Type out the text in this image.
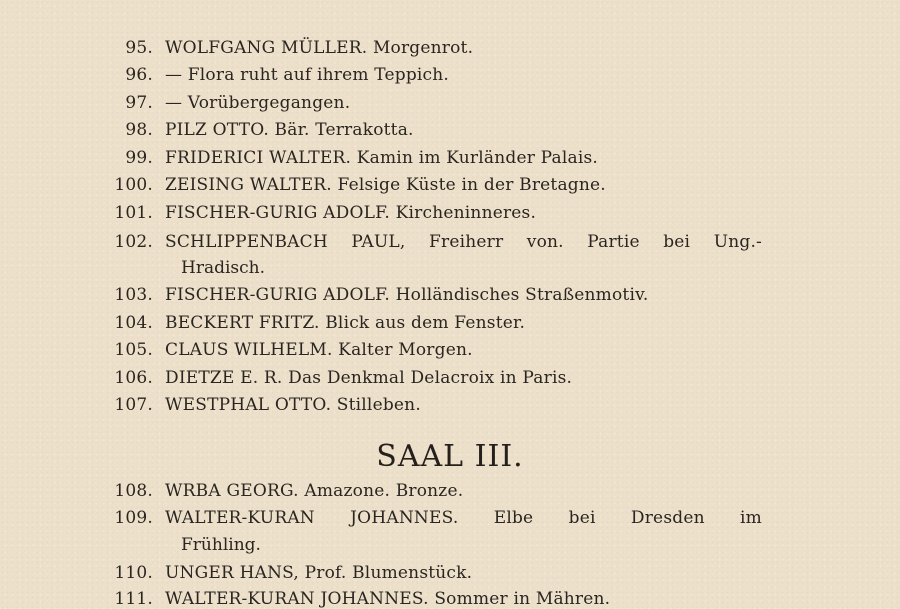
95. WOLFGANG MÜLLER. Morgenrot.
96. — Flora ruht auf ihrem Teppich.
97. — Vorübergegangen.
98. PILZ OTTO. Bär. Terrakotta.
99. FRIDERICI WALTER. Kamin im Kurländer Palais.
100. ZEISING WALTER. Felsige Küste in der Bretagne.
101. FISCHER-GURIG ADOLF. Kircheninneres.
102. SCHLIPPENBACH PAUL, Freiherr von. Partie bei Ung.-
Hradisch.
103. FISCHER-GURIG ADOLF. Holländisches Straßenmotiv.
104. BECKERT FRITZ. Blick aus dem Fenster.
105. CLAUS WILHELM. Kalter Morgen.
106. DIETZE E. R. Das Denkmal Delacroix in Paris.
107. WESTPHAL OTTO. Stilleben.
SAAL III.
108. WRBA GEORG. Amazone. Bronze.
109. WALTER-KURAN JOHANNES. Elbe bei Dresden im
Frühling.
110. UNGER HANS, Prof. Blumenstück.
111. WALTER-KURAN JOHANNES. Sommer in Mähren.
